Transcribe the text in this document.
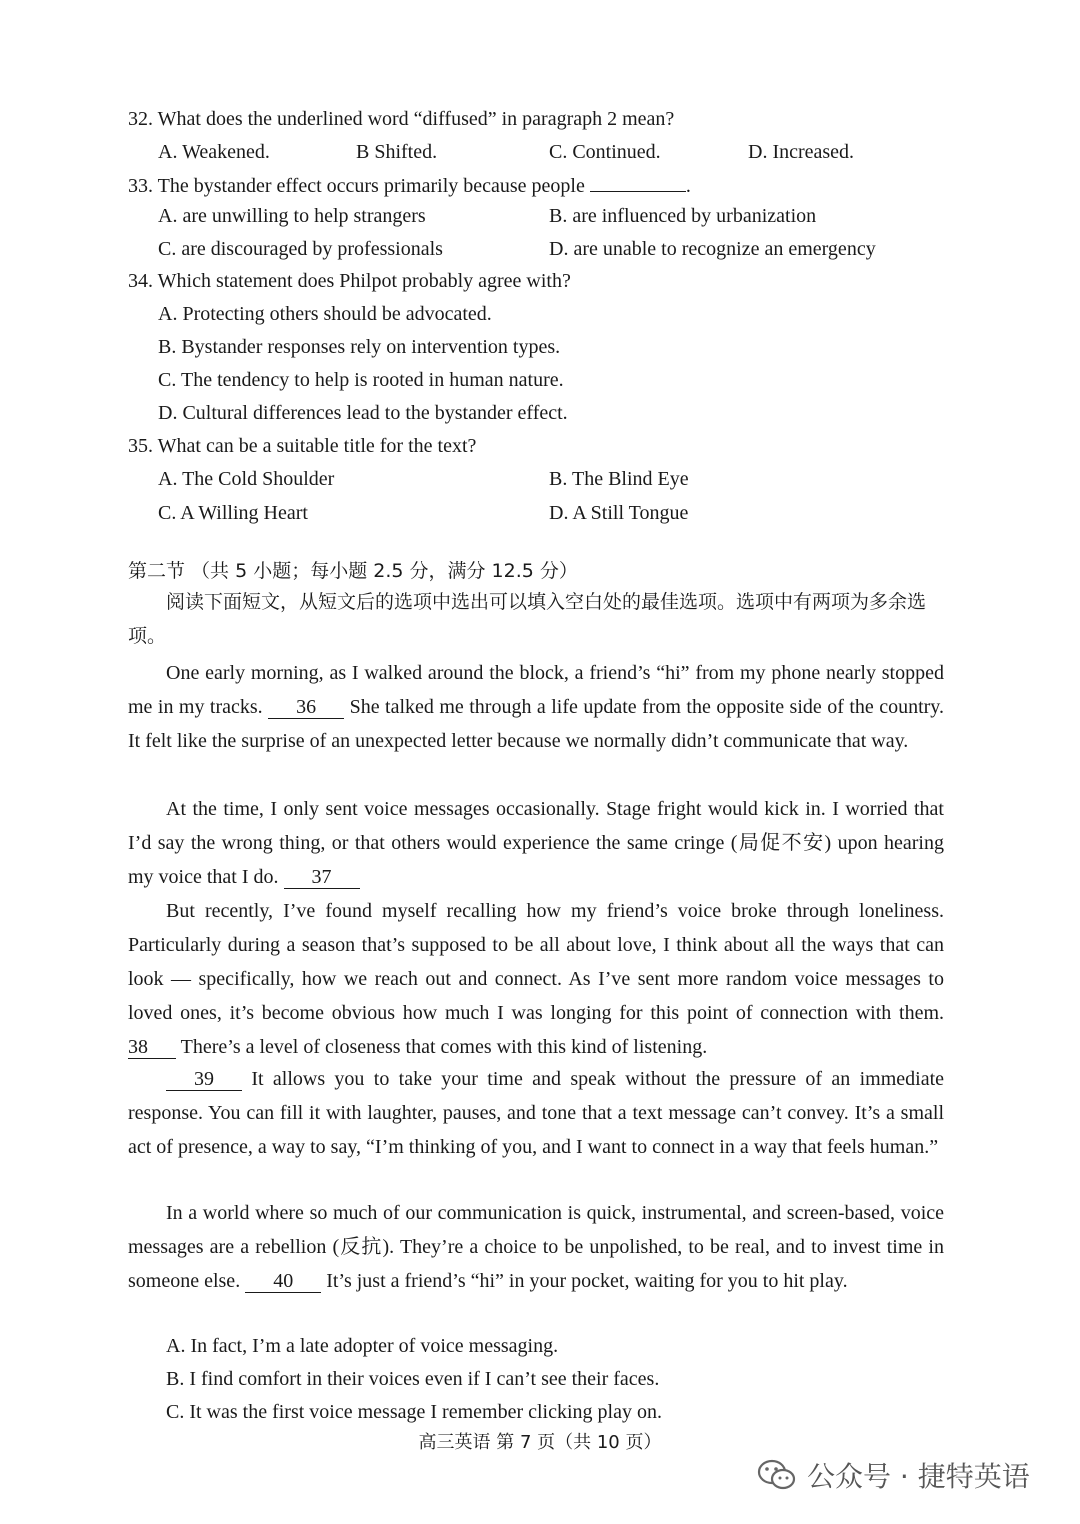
32. What does the underlined word “diffused” in paragraph 2 mean?
A. Weakened.	B Shifted.	C. Continued.	D. Increased.
33. The bystander effect occurs primarily because people	.
A. are unwilling to help strangers	B. are influenced by urbanization
C. are discouraged by professionals	D. are unable to recognize an emergency
34. Which statement does Philpot probably agree with?
A. Protecting others should be advocated.
B. Bystander responses rely on intervention types.
C. The tendency to help is rooted in human nature.
D. Cultural differences lead to the bystander effect.
35. What can be a suitable title for the text?
A. The Cold Shoulder	B. The Blind Eye
C. A Willing Heart	D. A Still Tongue
第二节 （共 5 小题；每小题 2.5 分，满分 12.5 分）
阅读下面短文，从短文后的选项中选出可以填入空白处的最佳选项。选项中有两项为多余选项。
One early morning, as I walked around the block, a friend’s “hi” from my phone nearly stopped me in my tracks. 36 She talked me through a life update from the opposite side of the country. It felt like the surprise of an unexpected letter because we normally didn’t communicate that way.
At the time, I only sent voice messages occasionally. Stage fright would kick in. I worried that I’d say the wrong thing, or that others would experience the same cringe (局促不安) upon hearing my voice that I do. 37
But recently, I’ve found myself recalling how my friend’s voice broke through loneliness. Particularly during a season that’s supposed to be all about love, I think about all the ways that can look — specifically, how we reach out and connect. As I’ve sent more random voice messages to loved ones, it’s become obvious how much I was longing for this point of connection with them. 38 There’s a level of closeness that comes with this kind of listening.
39 It allows you to take your time and speak without the pressure of an immediate response. You can fill it with laughter, pauses, and tone that a text message can’t convey. It’s a small act of presence, a way to say, “I’m thinking of you, and I want to connect in a way that feels human.”
In a world where so much of our communication is quick, instrumental, and screen-based, voice messages are a rebellion (反抗). They’re a choice to be unpolished, to be real, and to invest time in someone else. 40 It’s just a friend’s “hi” in your pocket, waiting for you to hit play.
A. In fact, I’m a late adopter of voice messaging.
B. I find comfort in their voices even if I can’t see their faces.
C. It was the first voice message I remember clicking play on.
高三英语 第 7 页（共 10 页）
公众号 · 捷特英语
